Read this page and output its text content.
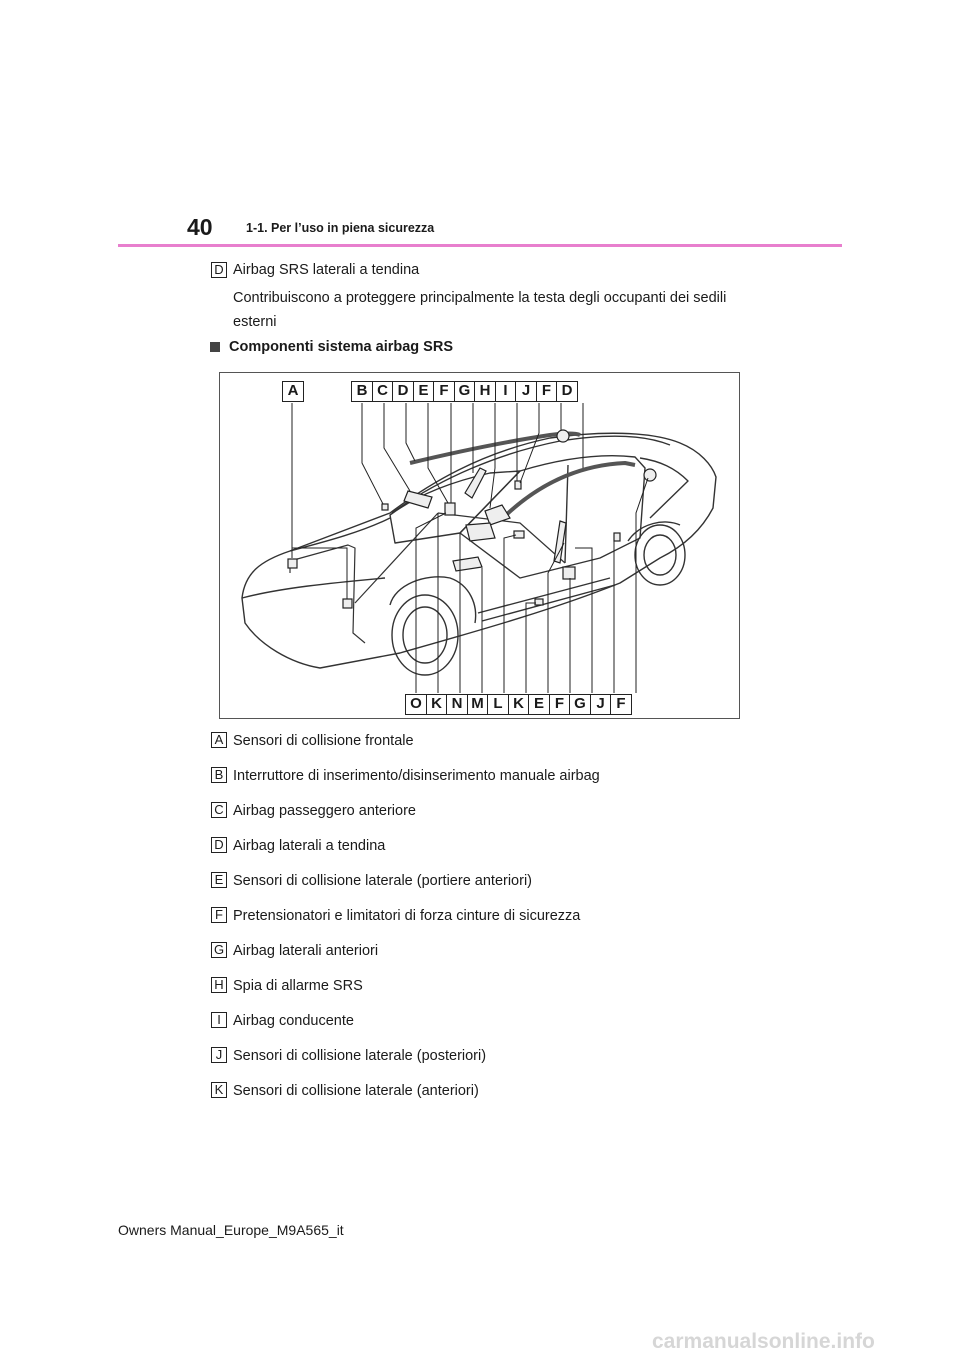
40	1-1. Per l’uso in piena sicurezza
D Airbag SRS laterali a tendina
Contribuiscono a proteggere principalmente la testa degli occupanti dei sedili
esterni
Componenti sistema airbag SRS
A	B C D E F G H I J F D
O K N M L K E F G J F
A Sensori di collisione frontale
B Interruttore di inserimento/disinserimento manuale airbag
C Airbag passeggero anteriore
D Airbag laterali a tendina
E Sensori di collisione laterale (portiere anteriori)
F Pretensionatori e limitatori di forza cinture di sicurezza
G Airbag laterali anteriori
H Spia di allarme SRS
I Airbag conducente
J Sensori di collisione laterale (posteriori)
K Sensori di collisione laterale (anteriori)
Owners Manual_Europe_M9A565_it
carmanualsonline.info
